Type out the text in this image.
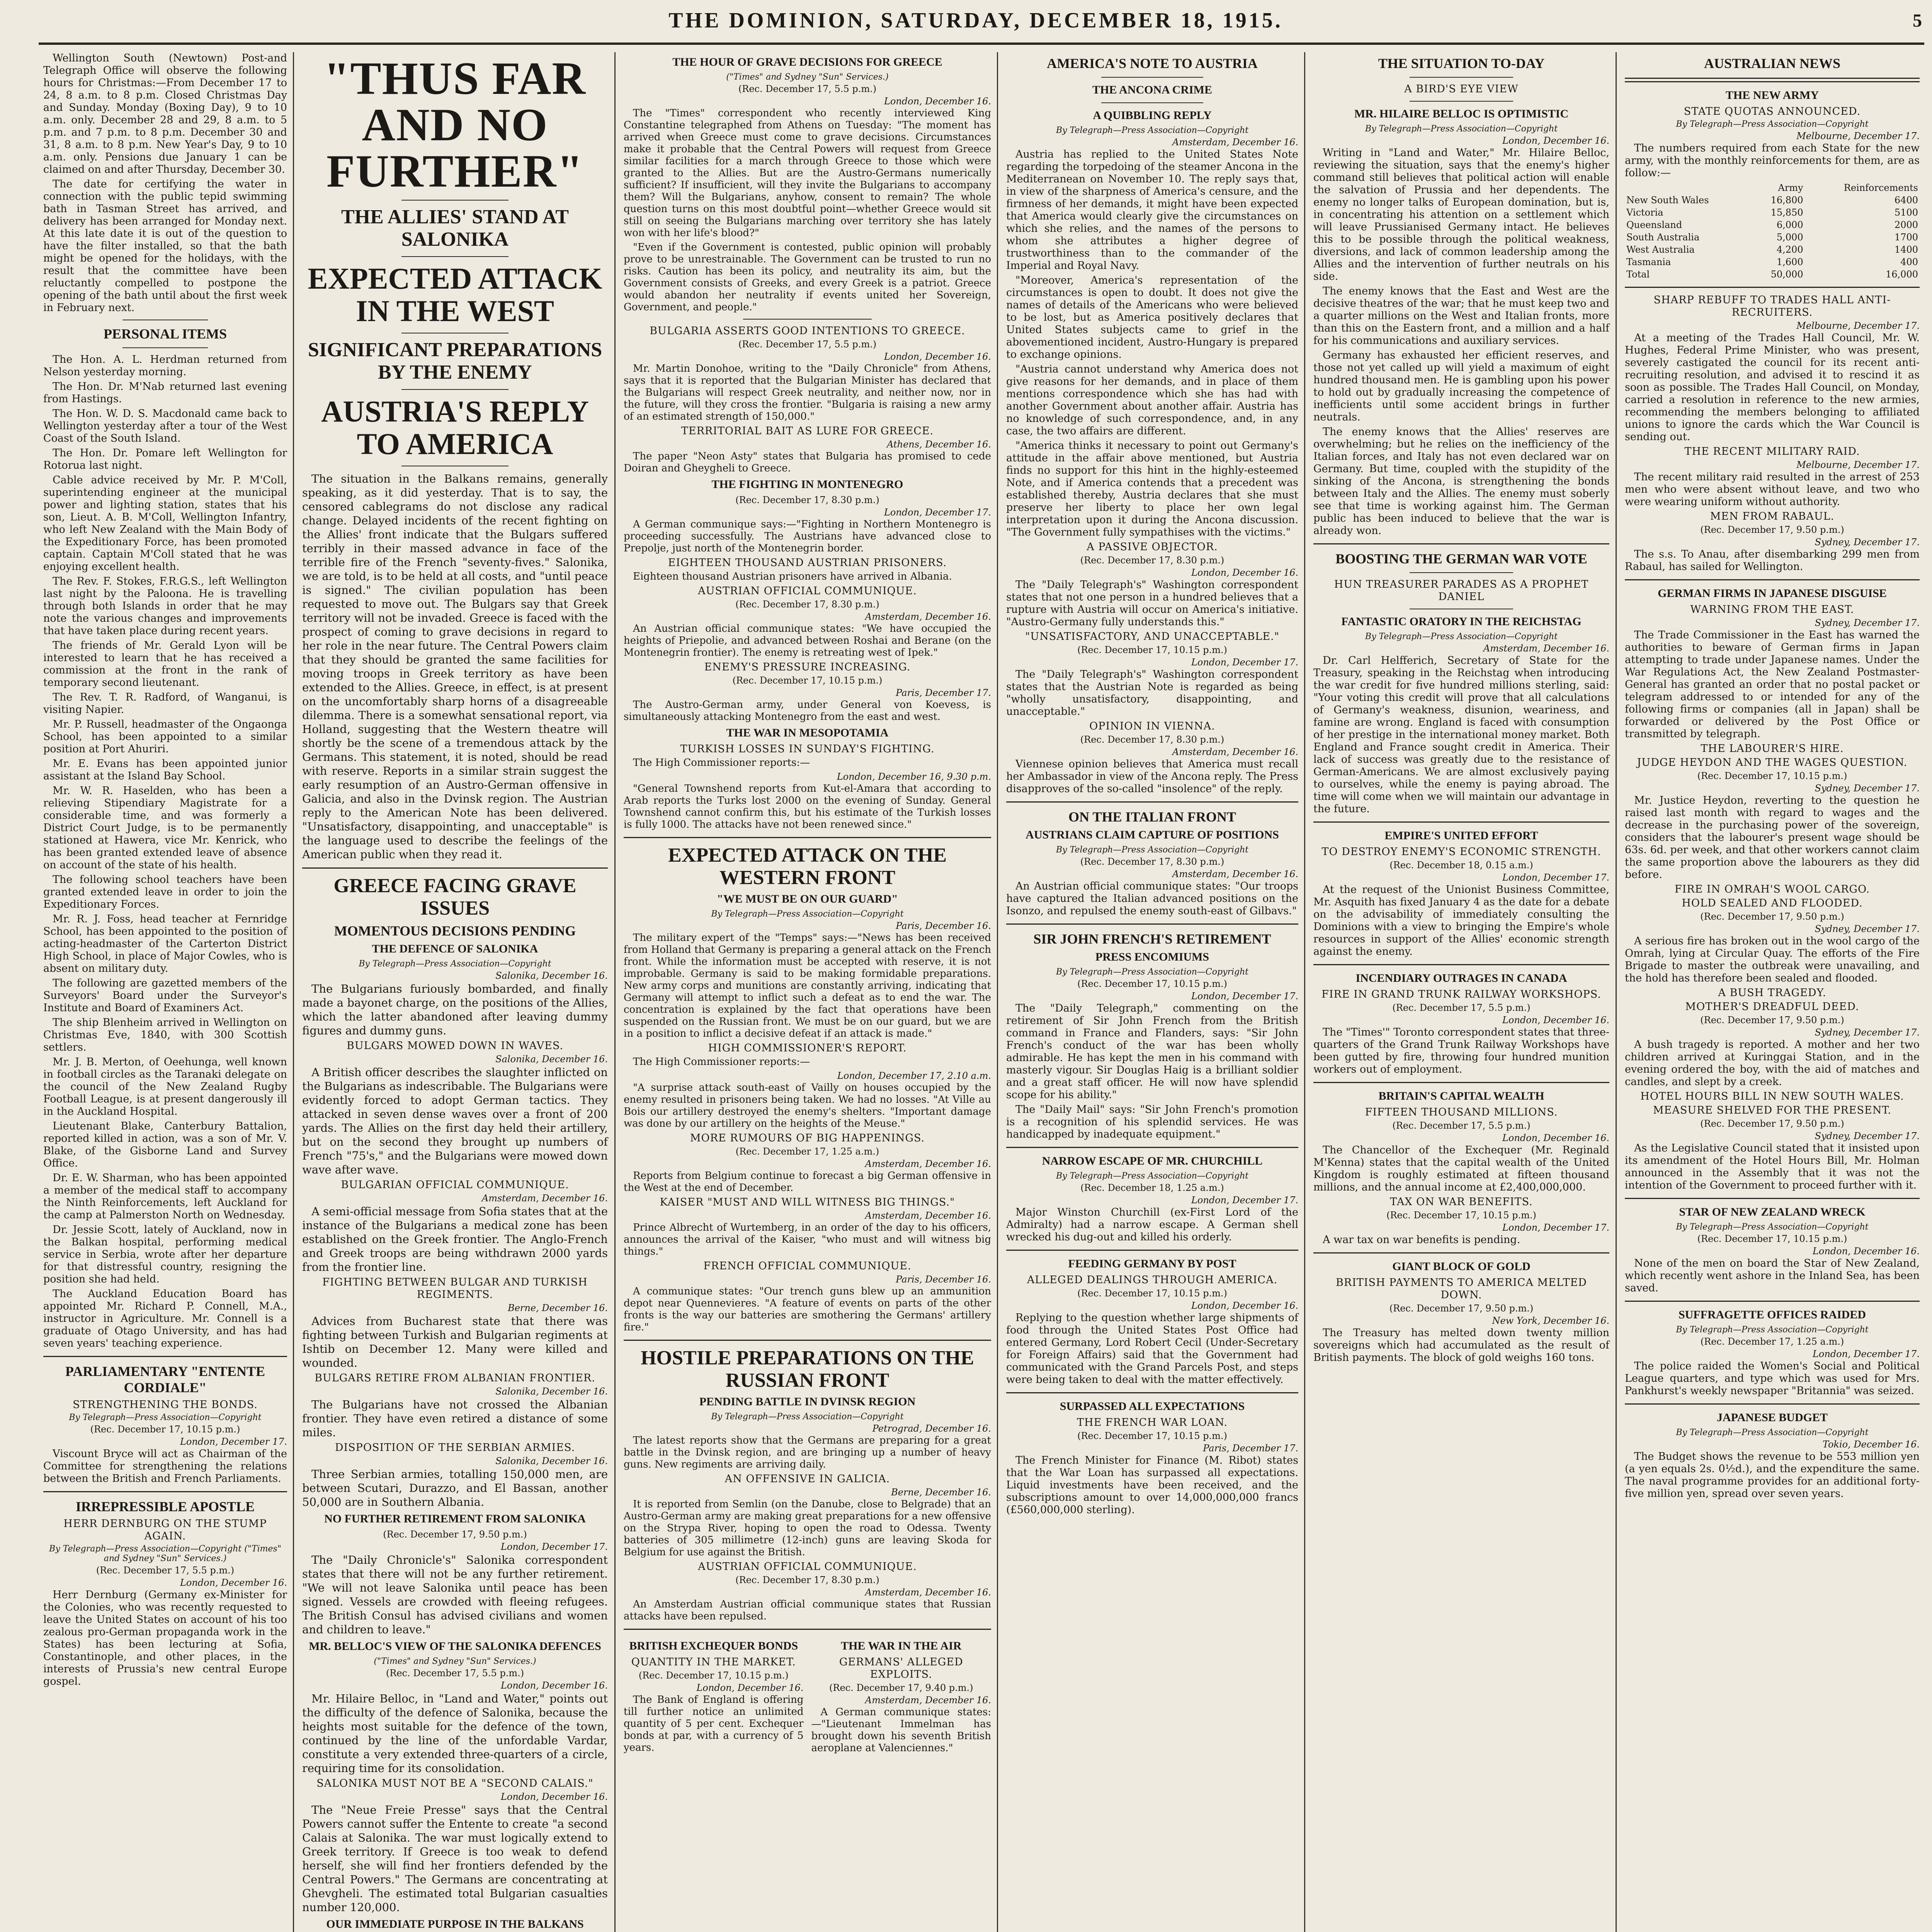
THE DOMINION, SATURDAY, DECEMBER 18, 1915.	5

Wellington South (Newtown) Post-and Telegraph Office will observe the following hours for Christmas:—From December 17 to 24, 8 a.m. to 8 p.m. Closed Christmas Day and Sunday. Monday (Boxing Day), 9 to 10 a.m. only. December 28 and 29, 8 a.m. to 5 p.m. and 7 p.m. to 8 p.m. December 30 and 31, 8 a.m. to 8 p.m. New Year's Day, 9 to 10 a.m. only. Pensions due January 1 can be claimed on and after Thursday, December 30.

The date for certifying the water in connection with the public tepid swimming bath in Tasman Street has arrived, and delivery has been arranged for Monday next. At this late date it is out of the question to have the filter installed, so that the bath might be opened for the holidays, with the result that the committee have been reluctantly compelled to postpone the opening of the bath until about the first week in February next.

PERSONAL ITEMS

The Hon. A. L. Herdman returned from Nelson yesterday morning.

The Hon. Dr. M'Nab returned last evening from Hastings.

The Hon. W. D. S. Macdonald came back to Wellington yesterday after a tour of the West Coast of the South Island.

The Hon. Dr. Pomare left Wellington for Rotorua last night.

Cable advice received by Mr. P. M'Coll, superintending engineer at the municipal power and lighting station, states that his son, Lieut. A. B. M'Coll, Wellington Infantry, who left New Zealand with the Main Body of the Expeditionary Force, has been promoted captain. Captain M'Coll stated that he was enjoying excellent health.

The Rev. F. Stokes, F.R.G.S., left Wellington last night by the Paloona. He is travelling through both Islands in order that he may note the various changes and improvements that have taken place during recent years.

The friends of Mr. Gerald Lyon will be interested to learn that he has received a commission at the front in the rank of temporary second lieutenant.

The Rev. T. R. Radford, of Wanganui, is visiting Napier.

Mr. P. Russell, headmaster of the Ongaonga School, has been appointed to a similar position at Port Ahuriri.

Mr. E. Evans has been appointed junior assistant at the Island Bay School.

Mr. W. R. Haselden, who has been a relieving Stipendiary Magistrate for a considerable time, and was formerly a District Court Judge, is to be permanently stationed at Hawera, vice Mr. Kenrick, who has been granted extended leave of absence on account of the state of his health.

The following school teachers have been granted extended leave in order to join the Expeditionary Forces.

Mr. R. J. Foss, head teacher at Fernridge School, has been appointed to the position of acting-headmaster of the Carterton District High School, in place of Major Cowles, who is absent on military duty.

The following are gazetted members of the Surveyors' Board under the Surveyor's Institute and Board of Examiners Act.

The ship Blenheim arrived in Wellington on Christmas Eve, 1840, with 300 Scottish settlers.

Mr. J. B. Merton, of Oeehunga, well known in football circles as the Taranaki delegate on the council of the New Zealand Rugby Football League, is at present dangerously ill in the Auckland Hospital.

Lieutenant Blake, Canterbury Battalion, reported killed in action, was a son of Mr. V. Blake, of the Gisborne Land and Survey Office.

Dr. E. W. Sharman, who has been appointed a member of the medical staff to accompany the Ninth Reinforcements, left Auckland for the camp at Palmerston North on Wednesday.

Dr. Jessie Scott, lately of Auckland, now in the Balkan hospital, performing medical service in Serbia, wrote after her departure for that distressful country, resigning the position she had held.

The Auckland Education Board has appointed Mr. Richard P. Connell, M.A., instructor in Agriculture. Mr. Connell is a graduate of Otago University, and has had seven years' teaching experience.

PARLIAMENTARY "ENTENTE CORDIALE"
STRENGTHENING THE BONDS.
By Telegraph—Press Association—Copyright
(Rec. December 17, 10.15 p.m.)
London, December 17.

Viscount Bryce will act as Chairman of the Committee for strengthening the relations between the British and French Parliaments.

IRREPRESSIBLE APOSTLE
HERR DERNBURG ON THE STUMP AGAIN.
By Telegraph—Press Association—Copyright ("Times" and Sydney "Sun" Services.)
(Rec. December 17, 5.5 p.m.)
London, December 16.

Herr Dernburg (Germany ex-Minister for the Colonies, who was recently requested to leave the United States on account of his too zealous pro-German propaganda work in the States) has been lecturing at Sofia, Constantinople, and other places, in the interests of Prussia's new central Europe gospel.

"THUS FAR AND NO FURTHER"
THE ALLIES' STAND AT SALONIKA
EXPECTED ATTACK IN THE WEST
SIGNIFICANT PREPARATIONS BY THE ENEMY
AUSTRIA'S REPLY TO AMERICA

The situation in the Balkans remains, generally speaking, as it did yesterday. That is to say, the censored cablegrams do not disclose any radical change. Delayed incidents of the recent fighting on the Allies' front indicate that the Bulgars suffered terribly in their massed advance in face of the terrible fire of the French "seventy-fives." Salonika, we are told, is to be held at all costs, and "until peace is signed." The civilian population has been requested to move out. The Bulgars say that Greek territory will not be invaded. Greece is faced with the prospect of coming to grave decisions in regard to her role in the near future. The Central Powers claim that they should be granted the same facilities for moving troops in Greek territory as have been extended to the Allies. Greece, in effect, is at present on the uncomfortably sharp horns of a disagreeable dilemma. There is a somewhat sensational report, via Holland, suggesting that the Western theatre will shortly be the scene of a tremendous attack by the Germans. This statement, it is noted, should be read with reserve. Reports in a similar strain suggest the early resumption of an Austro-German offensive in Galicia, and also in the Dvinsk region. The Austrian reply to the American Note has been delivered. "Unsatisfactory, disappointing, and unacceptable" is the language used to describe the feelings of the American public when they read it.

GREECE FACING GRAVE ISSUES
MOMENTOUS DECISIONS PENDING
THE DEFENCE OF SALONIKA
By Telegraph—Press Association—Copyright
Salonika, December 16.

The Bulgarians furiously bombarded, and finally made a bayonet charge, on the positions of the Allies, which the latter abandoned after leaving dummy figures and dummy guns.

BULGARS MOWED DOWN IN WAVES.
Salonika, December 16.

A British officer describes the slaughter inflicted on the Bulgarians as indescribable. The Bulgarians were evidently forced to adopt German tactics. They attacked in seven dense waves over a front of 200 yards. The Allies on the first day held their artillery, but on the second they brought up numbers of French "75's," and the Bulgarians were mowed down wave after wave.

BULGARIAN OFFICIAL COMMUNIQUE.
Amsterdam, December 16.

A semi-official message from Sofia states that at the instance of the Bulgarians a medical zone has been established on the Greek frontier. The Anglo-French and Greek troops are being withdrawn 2000 yards from the frontier line.

FIGHTING BETWEEN BULGAR AND TURKISH REGIMENTS.
Berne, December 16.

Advices from Bucharest state that there was fighting between Turkish and Bulgarian regiments at Ishtib on December 12. Many were killed and wounded.

BULGARS RETIRE FROM ALBANIAN FRONTIER.
Salonika, December 16.

The Bulgarians have not crossed the Albanian frontier. They have even retired a distance of some miles.

DISPOSITION OF THE SERBIAN ARMIES.
Salonika, December 16.

Three Serbian armies, totalling 150,000 men, are between Scutari, Durazzo, and El Bassan, another 50,000 are in Southern Albania.

NO FURTHER RETIREMENT FROM SALONIKA
(Rec. December 17, 9.50 p.m.)
London, December 17.

The "Daily Chronicle's" Salonika correspondent states that there will not be any further retirement. "We will not leave Salonika until peace has been signed. Vessels are crowded with fleeing refugees. The British Consul has advised civilians and women and children to leave."

MR. BELLOC'S VIEW OF THE SALONIKA DEFENCES
("Times" and Sydney "Sun" Services.)
(Rec. December 17, 5.5 p.m.)
London, December 16.

Mr. Hilaire Belloc, in "Land and Water," points out the difficulty of the defence of Salonika, because the heights most suitable for the defence of the town, continued by the line of the unfordable Vardar, constitute a very extended three-quarters of a circle, requiring time for its consolidation.

SALONIKA MUST NOT BE A "SECOND CALAIS."
London, December 16.

The "Neue Freie Presse" says that the Central Powers cannot suffer the Entente to create "a second Calais at Salonika. The war must logically extend to Greek territory. If Greece is too weak to defend herself, she will find her frontiers defended by the Central Powers." The Germans are concentrating at Ghevgheli. The estimated total Bulgarian casualties number 120,000.

OUR IMMEDIATE PURPOSE IN THE BALKANS

THE HOUR OF GRAVE DECISIONS FOR GREECE
("Times" and Sydney "Sun" Services.)
(Rec. December 17, 5.5 p.m.)
London, December 16.

The "Times" correspondent who recently interviewed King Constantine telegraphed from Athens on Tuesday: "The moment has arrived when Greece must come to grave decisions. Circumstances make it probable that the Central Powers will request from Greece similar facilities for a march through Greece to those which were granted to the Allies. But are the Austro-Germans numerically sufficient? If insufficient, will they invite the Bulgarians to accompany them? Will the Bulgarians, anyhow, consent to remain? The whole question turns on this most doubtful point—whether Greece would sit still on seeing the Bulgarians marching over territory she has lately won with her life's blood?"

"Even if the Government is contested, public opinion will probably prove to be unrestrainable. The Government can be trusted to run no risks. Caution has been its policy, and neutrality its aim, but the Government consists of Greeks, and every Greek is a patriot. Greece would abandon her neutrality if events united her Sovereign, Government, and people."

BULGARIA ASSERTS GOOD INTENTIONS TO GREECE.
(Rec. December 17, 5.5 p.m.)
London, December 16.

Mr. Martin Donohoe, writing to the "Daily Chronicle" from Athens, says that it is reported that the Bulgarian Minister has declared that the Bulgarians will respect Greek neutrality, and neither now, nor in the future, will they cross the frontier. "Bulgaria is raising a new army of an estimated strength of 150,000."

TERRITORIAL BAIT AS LURE FOR GREECE.
Athens, December 16.

The paper "Neon Asty" states that Bulgaria has promised to cede Doiran and Gheygheli to Greece.

THE FIGHTING IN MONTENEGRO
(Rec. December 17, 8.30 p.m.)
London, December 17.

A German communique says:—"Fighting in Northern Montenegro is proceeding successfully. The Austrians have advanced close to Prepolje, just north of the Montenegrin border.

EIGHTEEN THOUSAND AUSTRIAN PRISONERS.

Eighteen thousand Austrian prisoners have arrived in Albania.

AUSTRIAN OFFICIAL COMMUNIQUE.
(Rec. December 17, 8.30 p.m.)
Amsterdam, December 16.

An Austrian official communique states: "We have occupied the heights of Priepolie, and advanced between Roshai and Berane (on the Montenegrin frontier). The enemy is retreating west of Ipek."

ENEMY'S PRESSURE INCREASING.
(Rec. December 17, 10.15 p.m.)
Paris, December 17.

The Austro-German army, under General von Koevess, is simultaneously attacking Montenegro from the east and west.

THE WAR IN MESOPOTAMIA
TURKISH LOSSES IN SUNDAY'S FIGHTING.

The High Commissioner reports:—

London, December 16, 9.30 p.m.

"General Townshend reports from Kut-el-Amara that according to Arab reports the Turks lost 2000 on the evening of Sunday. General Townshend cannot confirm this, but his estimate of the Turkish losses is fully 1000. The attacks have not been renewed since."

EXPECTED ATTACK ON THE WESTERN FRONT
"WE MUST BE ON OUR GUARD"
By Telegraph—Press Association—Copyright
Paris, December 16.

The military expert of the "Temps" says:—"News has been received from Holland that Germany is preparing a general attack on the French front. While the information must be accepted with reserve, it is not improbable. Germany is said to be making formidable preparations. New army corps and munitions are constantly arriving, indicating that Germany will attempt to inflict such a defeat as to end the war. The concentration is explained by the fact that operations have been suspended on the Russian front. We must be on our guard, but we are in a position to inflict a decisive defeat if an attack is made."

HIGH COMMISSIONER'S REPORT.

The High Commissioner reports:—

London, December 17, 2.10 a.m.

"A surprise attack south-east of Vailly on houses occupied by the enemy resulted in prisoners being taken. We had no losses. "At Ville au Bois our artillery destroyed the enemy's shelters. "Important damage was done by our artillery on the heights of the Meuse."

MORE RUMOURS OF BIG HAPPENINGS.
(Rec. December 17, 1.25 a.m.)
Amsterdam, December 16.

Reports from Belgium continue to forecast a big German offensive in the West at the end of December.

KAISER "MUST AND WILL WITNESS BIG THINGS."
Amsterdam, December 16.

Prince Albrecht of Wurtemberg, in an order of the day to his officers, announces the arrival of the Kaiser, "who must and will witness big things."

FRENCH OFFICIAL COMMUNIQUE.
Paris, December 16.

A communique states: "Our trench guns blew up an ammunition depot near Quennevieres. "A feature of events on parts of the other fronts is the way our batteries are smothering the Germans' artillery fire."

HOSTILE PREPARATIONS ON THE RUSSIAN FRONT
PENDING BATTLE IN DVINSK REGION
By Telegraph—Press Association—Copyright
Petrograd, December 16.

The latest reports show that the Germans are preparing for a great battle in the Dvinsk region, and are bringing up a number of heavy guns. New regiments are arriving daily.

AN OFFENSIVE IN GALICIA.
Berne, December 16.

It is reported from Semlin (on the Danube, close to Belgrade) that an Austro-German army are making great preparations for a new offensive on the Strypa River, hoping to open the road to Odessa. Twenty batteries of 305 millimetre (12-inch) guns are leaving Skoda for Belgium for use against the British.

AUSTRIAN OFFICIAL COMMUNIQUE.
(Rec. December 17, 8.30 p.m.)
Amsterdam, December 16.

An Amsterdam Austrian official communique states that Russian attacks have been repulsed.

BRITISH EXCHEQUER BONDS
QUANTITY IN THE MARKET.
(Rec. December 17, 10.15 p.m.)
London, December 16.

The Bank of England is offering till further notice an unlimited quantity of 5 per cent. Exchequer bonds at par, with a currency of 5 years.

THE WAR IN THE AIR
GERMANS' ALLEGED EXPLOITS.
(Rec. December 17, 9.40 p.m.)
Amsterdam, December 16.

A German communique states:—"Lieutenant Immelman has brought down his seventh British aeroplane at Valenciennes."

AMERICA'S NOTE TO AUSTRIA
THE ANCONA CRIME
A QUIBBLING REPLY
By Telegraph—Press Association—Copyright
Amsterdam, December 16.

Austria has replied to the United States Note regarding the torpedoing of the steamer Ancona in the Mediterranean on November 10. The reply says that, in view of the sharpness of America's censure, and the firmness of her demands, it might have been expected that America would clearly give the circumstances on which she relies, and the names of the persons to whom she attributes a higher degree of trustworthiness than to the commander of the Imperial and Royal Navy.

"Moreover, America's representation of the circumstances is open to doubt. It does not give the names of details of the Americans who were believed to be lost, but as America positively declares that United States subjects came to grief in the abovementioned incident, Austro-Hungary is prepared to exchange opinions.

"Austria cannot understand why America does not give reasons for her demands, and in place of them mentions correspondence which she has had with another Government about another affair. Austria has no knowledge of such correspondence, and, in any case, the two affairs are different.

"America thinks it necessary to point out Germany's attitude in the affair above mentioned, but Austria finds no support for this hint in the highly-esteemed Note, and if America contends that a precedent was established thereby, Austria declares that she must preserve her liberty to place her own legal interpretation upon it during the Ancona discussion. "The Government fully sympathises with the victims."

A PASSIVE OBJECTOR.
(Rec. December 17, 8.30 p.m.)
London, December 16.

The "Daily Telegraph's" Washington correspondent states that not one person in a hundred believes that a rupture with Austria will occur on America's initiative. "Austro-Germany fully understands this."

"UNSATISFACTORY, AND UNACCEPTABLE."
(Rec. December 17, 10.15 p.m.)
London, December 17.

The "Daily Telegraph's" Washington correspondent states that the Austrian Note is regarded as being "wholly unsatisfactory, disappointing, and unacceptable."

OPINION IN VIENNA.
(Rec. December 17, 8.30 p.m.)
Amsterdam, December 16.

Viennese opinion believes that America must recall her Ambassador in view of the Ancona reply. The Press disapproves of the so-called "insolence" of the reply.

ON THE ITALIAN FRONT
AUSTRIANS CLAIM CAPTURE OF POSITIONS
By Telegraph—Press Association—Copyright
(Rec. December 17, 8.30 p.m.)
Amsterdam, December 16.

An Austrian official communique states: "Our troops have captured the Italian advanced positions on the Isonzo, and repulsed the enemy south-east of Gilbavs."

SIR JOHN FRENCH'S RETIREMENT
PRESS ENCOMIUMS
By Telegraph—Press Association—Copyright
(Rec. December 17, 10.15 p.m.)
London, December 17.

The "Daily Telegraph," commenting on the retirement of Sir John French from the British command in France and Flanders, says: "Sir John French's conduct of the war has been wholly admirable. He has kept the men in his command with masterly vigour. Sir Douglas Haig is a brilliant soldier and a great staff officer. He will now have splendid scope for his ability."

The "Daily Mail" says: "Sir John French's promotion is a recognition of his splendid services. He was handicapped by inadequate equipment."

NARROW ESCAPE OF MR. CHURCHILL
By Telegraph—Press Association—Copyright
(Rec. December 18, 1.25 a.m.)
London, December 17.

Major Winston Churchill (ex-First Lord of the Admiralty) had a narrow escape. A German shell wrecked his dug-out and killed his orderly.

FEEDING GERMANY BY POST
ALLEGED DEALINGS THROUGH AMERICA.
(Rec. December 17, 10.15 p.m.)
London, December 16.

Replying to the question whether large shipments of food through the United States Post Office had entered Germany, Lord Robert Cecil (Under-Secretary for Foreign Affairs) said that the Government had communicated with the Grand Parcels Post, and steps were being taken to deal with the matter effectively.

SURPASSED ALL EXPECTATIONS
THE FRENCH WAR LOAN.
(Rec. December 17, 10.15 p.m.)
Paris, December 17.

The French Minister for Finance (M. Ribot) states that the War Loan has surpassed all expectations. Liquid investments have been received, and the subscriptions amount to over 14,000,000,000 francs (£560,000,000 sterling).

THE SITUATION TO-DAY
A BIRD'S EYE VIEW
MR. HILAIRE BELLOC IS OPTIMISTIC
By Telegraph—Press Association—Copyright
London, December 16.

Writing in "Land and Water," Mr. Hilaire Belloc, reviewing the situation, says that the enemy's higher command still believes that political action will enable the salvation of Prussia and her dependents. The enemy no longer talks of European domination, but is, in concentrating his attention on a settlement which will leave Prussianised Germany intact. He believes this to be possible through the political weakness, diversions, and lack of common leadership among the Allies and the intervention of further neutrals on his side.

The enemy knows that the East and West are the decisive theatres of the war; that he must keep two and a quarter millions on the West and Italian fronts, more than this on the Eastern front, and a million and a half for his communications and auxiliary services.

Germany has exhausted her efficient reserves, and those not yet called up will yield a maximum of eight hundred thousand men. He is gambling upon his power to hold out by gradually increasing the competence of inefficients until some accident brings in further neutrals.

The enemy knows that the Allies' reserves are overwhelming; but he relies on the inefficiency of the Italian forces, and Italy has not even declared war on Germany. But time, coupled with the stupidity of the sinking of the Ancona, is strengthening the bonds between Italy and the Allies. The enemy must soberly see that time is working against him. The German public has been induced to believe that the war is already won.

BOOSTING THE GERMAN WAR VOTE
HUN TREASURER PARADES AS A PROPHET DANIEL
FANTASTIC ORATORY IN THE REICHSTAG
By Telegraph—Press Association—Copyright
Amsterdam, December 16.

Dr. Carl Helfferich, Secretary of State for the Treasury, speaking in the Reichstag when introducing the war credit for five hundred millions sterling, said: "Your voting this credit will prove that all calculations of Germany's weakness, disunion, weariness, and famine are wrong. England is faced with consumption of her prestige in the international money market. Both England and France sought credit in America. Their lack of success was greatly due to the resistance of German-Americans. We are almost exclusively paying to ourselves, while the enemy is paying abroad. The time will come when we will maintain our advantage in the future.

EMPIRE'S UNITED EFFORT
TO DESTROY ENEMY'S ECONOMIC STRENGTH.
(Rec. December 18, 0.15 a.m.)
London, December 17.

At the request of the Unionist Business Committee, Mr. Asquith has fixed January 4 as the date for a debate on the advisability of immediately consulting the Dominions with a view to bringing the Empire's whole resources in support of the Allies' economic strength against the enemy.

INCENDIARY OUTRAGES IN CANADA
FIRE IN GRAND TRUNK RAILWAY WORKSHOPS.
(Rec. December 17, 5.5 p.m.)
London, December 16.

The "Times'" Toronto correspondent states that three-quarters of the Grand Trunk Railway Workshops have been gutted by fire, throwing four hundred munition workers out of employment.

BRITAIN'S CAPITAL WEALTH
FIFTEEN THOUSAND MILLIONS.
(Rec. December 17, 5.5 p.m.)
London, December 16.

The Chancellor of the Exchequer (Mr. Reginald M'Kenna) states that the capital wealth of the United Kingdom is roughly estimated at fifteen thousand millions, and the annual income at £2,400,000,000.

TAX ON WAR BENEFITS.
(Rec. December 17, 10.15 p.m.)
London, December 17.

A war tax on war benefits is pending.

GIANT BLOCK OF GOLD
BRITISH PAYMENTS TO AMERICA MELTED DOWN.
(Rec. December 17, 9.50 p.m.)
New York, December 16.

The Treasury has melted down twenty million sovereigns which had accumulated as the result of British payments. The block of gold weighs 160 tons.

AUSTRALIAN NEWS
THE NEW ARMY
STATE QUOTAS ANNOUNCED.
By Telegraph—Press Association—Copyright
Melbourne, December 17.

The numbers required from each State for the new army, with the monthly reinforcements for them, are as follow:—

	Army	Reinforcements
New South Wales	16,800	6400
Victoria	15,850	5100
Queensland	6,000	2000
South Australia	5,000	1700
West Australia	4,200	1400
Tasmania	1,600	400
Total	50,000	16,000
SHARP REBUFF TO TRADES HALL ANTI-RECRUITERS.
Melbourne, December 17.

At a meeting of the Trades Hall Council, Mr. W. Hughes, Federal Prime Minister, who was present, severely castigated the council for its recent anti-recruiting resolution, and advised it to rescind it as soon as possible. The Trades Hall Council, on Monday, carried a resolution in reference to the new armies, recommending the members belonging to affiliated unions to ignore the cards which the War Council is sending out.

THE RECENT MILITARY RAID.
Melbourne, December 17.

The recent military raid resulted in the arrest of 253 men who were absent without leave, and two who were wearing uniform without authority.

MEN FROM RABAUL.
(Rec. December 17, 9.50 p.m.)
Sydney, December 17.

The s.s. To Anau, after disembarking 299 men from Rabaul, has sailed for Wellington.

GERMAN FIRMS IN JAPANESE DISGUISE
WARNING FROM THE EAST.
Sydney, December 17.

The Trade Commissioner in the East has warned the authorities to beware of German firms in Japan attempting to trade under Japanese names. Under the War Regulations Act, the New Zealand Postmaster-General has granted an order that no postal packet or telegram addressed to or intended for any of the following firms or companies (all in Japan) shall be forwarded or delivered by the Post Office or transmitted by telegraph.

THE LABOURER'S HIRE.
JUDGE HEYDON AND THE WAGES QUESTION.
(Rec. December 17, 10.15 p.m.)
Sydney, December 17.

Mr. Justice Heydon, reverting to the question he raised last month with regard to wages and the decrease in the purchasing power of the sovereign, considers that the labourer's present wage should be 63s. 6d. per week, and that other workers cannot claim the same proportion above the labourers as they did before.

FIRE IN OMRAH'S WOOL CARGO.
HOLD SEALED AND FLOODED.
(Rec. December 17, 9.50 p.m.)
Sydney, December 17.

A serious fire has broken out in the wool cargo of the Omrah, lying at Circular Quay. The efforts of the Fire Brigade to master the outbreak were unavailing, and the hold has therefore been sealed and flooded.

A BUSH TRAGEDY.
MOTHER'S DREADFUL DEED.
(Rec. December 17, 9.50 p.m.)
Sydney, December 17.

A bush tragedy is reported. A mother and her two children arrived at Kuringgai Station, and in the evening ordered the boy, with the aid of matches and candles, and slept by a creek.

HOTEL HOURS BILL IN NEW SOUTH WALES.
MEASURE SHELVED FOR THE PRESENT.
(Rec. December 17, 9.50 p.m.)
Sydney, December 17.

As the Legislative Council stated that it insisted upon its amendment of the Hotel Hours Bill, Mr. Holman announced in the Assembly that it was not the intention of the Government to proceed further with it.

STAR OF NEW ZEALAND WRECK
By Telegraph—Press Association—Copyright
(Rec. December 17, 10.15 p.m.)
London, December 16.

None of the men on board the Star of New Zealand, which recently went ashore in the Inland Sea, has been saved.

SUFFRAGETTE OFFICES RAIDED
By Telegraph—Press Association—Copyright
(Rec. December 17, 1.25 a.m.)
London, December 17.

The police raided the Women's Social and Political League quarters, and type which was used for Mrs. Pankhurst's weekly newspaper "Britannia" was seized.

JAPANESE BUDGET
By Telegraph—Press Association—Copyright
Tokio, December 16.

The Budget shows the revenue to be 553 million yen (a yen equals 2s. 0½d.), and the expenditure the same. The naval programme provides for an additional forty-five million yen, spread over seven years.
